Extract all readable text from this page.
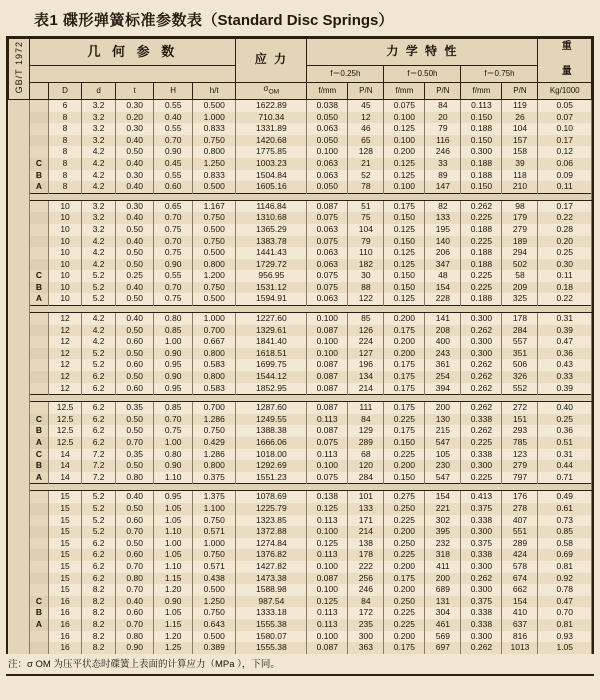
表1 碟形弹簧标准参数表（Standard Disc Springs）
GB/T 1972	几 何 参 数						应 力	力 学 特 性						重 量
								f＝0.25h		f＝0.50h		f＝0.75h		
		D	d	t	H	h/t	$\sigma_{OM}$	f/mm	P/N	f/mm	P/N	f/mm	P/N	Kg/1000
		6	3.2	0.30	0.55	0.500	1622.89	0.038	45	0.075	84	0.113	119	0.05
		8	3.2	0.20	0.40	1.000	710.34	0.050	12	0.100	20	0.150	26	0.07
		8	3.2	0.30	0.55	0.833	1331.89	0.063	46	0.125	79	0.188	104	0.10
		8	3.2	0.40	0.70	0.750	1420.68	0.050	65	0.100	116	0.150	157	0.17
		8	4.2	0.50	0.90	0.800	1775.85	0.100	128	0.200	246	0.300	158	0.12
	C	8	4.2	0.40	0.45	1.250	1003.23	0.063	21	0.125	33	0.188	39	0.06
	B	8	4.2	0.30	0.55	0.833	1504.84	0.063	52	0.125	89	0.188	118	0.09
	A	8	4.2	0.40	0.60	0.500	1605.16	0.050	78	0.100	147	0.150	210	0.11

		10	3.2	0.30	0.65	1.167	1146.84	0.087	51	0.175	82	0.262	98	0.17
		10	3.2	0.40	0.70	0.750	1310.68	0.075	75	0.150	133	0.225	179	0.22
		10	3.2	0.50	0.75	0.500	1365.29	0.063	104	0.125	195	0.188	279	0.28
		10	4.2	0.40	0.70	0.750	1383.78	0.075	79	0.150	140	0.225	189	0.20
		10	4.2	0.50	0.75	0.500	1441.43	0.063	110	0.125	206	0.188	294	0.25
		10	4.2	0.50	0.90	0.800	1729.72	0.063	182	0.125	347	0.188	502	0.30
	C	10	5.2	0.25	0.55	1.200	956.95	0.075	30	0.150	48	0.225	58	0.11
	B	10	5.2	0.40	0.70	0.750	1531.12	0.075	88	0.150	154	0.225	209	0.18
	A	10	5.2	0.50	0.75	0.500	1594.91	0.063	122	0.125	228	0.188	325	0.22

		12	4.2	0.40	0.80	1.000	1227.60	0.100	85	0.200	141	0.300	178	0.31
		12	4.2	0.50	0.85	0.700	1329.61	0.087	126	0.175	208	0.262	284	0.39
		12	4.2	0.60	1.00	0.667	1841.40	0.100	224	0.200	400	0.300	557	0.47
		12	5.2	0.50	0.90	0.800	1618.51	0.100	127	0.200	243	0.300	351	0.36
		12	5.2	0.60	0.95	0.583	1699.75	0.087	196	0.175	361	0.262	506	0.43
		12	6.2	0.50	0.90	0.800	1544.12	0.087	134	0.175	254	0.262	326	0.33
		12	6.2	0.60	0.95	0.583	1852.95	0.087	214	0.175	394	0.262	552	0.39

		12.5	6.2	0.35	0.85	0.700	1287.60	0.087	111	0.175	200	0.262	272	0.40
	C	12.5	6.2	0.50	0.70	1.286	1249.55	0.113	84	0.225	130	0.338	151	0.25
	B	12.5	6.2	0.50	0.75	0.750	1388.38	0.087	129	0.175	215	0.262	293	0.36
	A	12.5	6.2	0.70	1.00	0.429	1666.06	0.075	289	0.150	547	0.225	785	0.51
	C	14	7.2	0.35	0.80	1.286	1018.00	0.113	68	0.225	105	0.338	123	0.31
	B	14	7.2	0.50	0.90	0.800	1292.69	0.100	120	0.200	230	0.300	279	0.44
	A	14	7.2	0.80	1.10	0.375	1551.23	0.075	284	0.150	547	0.225	797	0.71

		15	5.2	0.40	0.95	1.375	1078.69	0.138	101	0.275	154	0.413	176	0.49
		15	5.2	0.50	1.05	1.100	1225.79	0.125	133	0.250	221	0.375	278	0.61
		15	5.2	0.60	1.05	0.750	1323.85	0.113	171	0.225	302	0.338	407	0.73
		15	5.2	0.70	1.10	0.571	1372.88	0.100	214	0.200	395	0.300	551	0.85
		15	6.2	0.50	1.00	1.000	1274.84	0.125	138	0.250	232	0.375	289	0.58
		15	6.2	0.60	1.05	0.750	1376.82	0.113	178	0.225	318	0.338	424	0.69
		15	6.2	0.70	1.10	0.571	1427.82	0.100	222	0.200	411	0.300	578	0.81
		15	6.2	0.80	1.15	0.438	1473.38	0.087	256	0.175	200	0.262	674	0.92
		15	8.2	0.70	1.20	0.500	1588.98	0.100	246	0.200	689	0.300	662	0.78
	C	16	8.2	0.40	0.90	1.250	987.54	0.125	84	0.250	131	0.375	154	0.47
	B	16	8.2	0.60	1.05	0.750	1333.18	0.113	172	0.225	304	0.338	410	0.70
	A	16	8.2	0.70	1.15	0.643	1555.38	0.113	235	0.225	461	0.338	637	0.81
		16	8.2	0.80	1.20	0.500	1580.07	0.100	300	0.200	569	0.300	816	0.93
		16	8.2	0.90	1.25	0.389	1555.38	0.087	363	0.175	697	0.262	1013	1.05
注：σ OM 为压平状态时碟簧上表面的计算应力（MPa ），下同。
